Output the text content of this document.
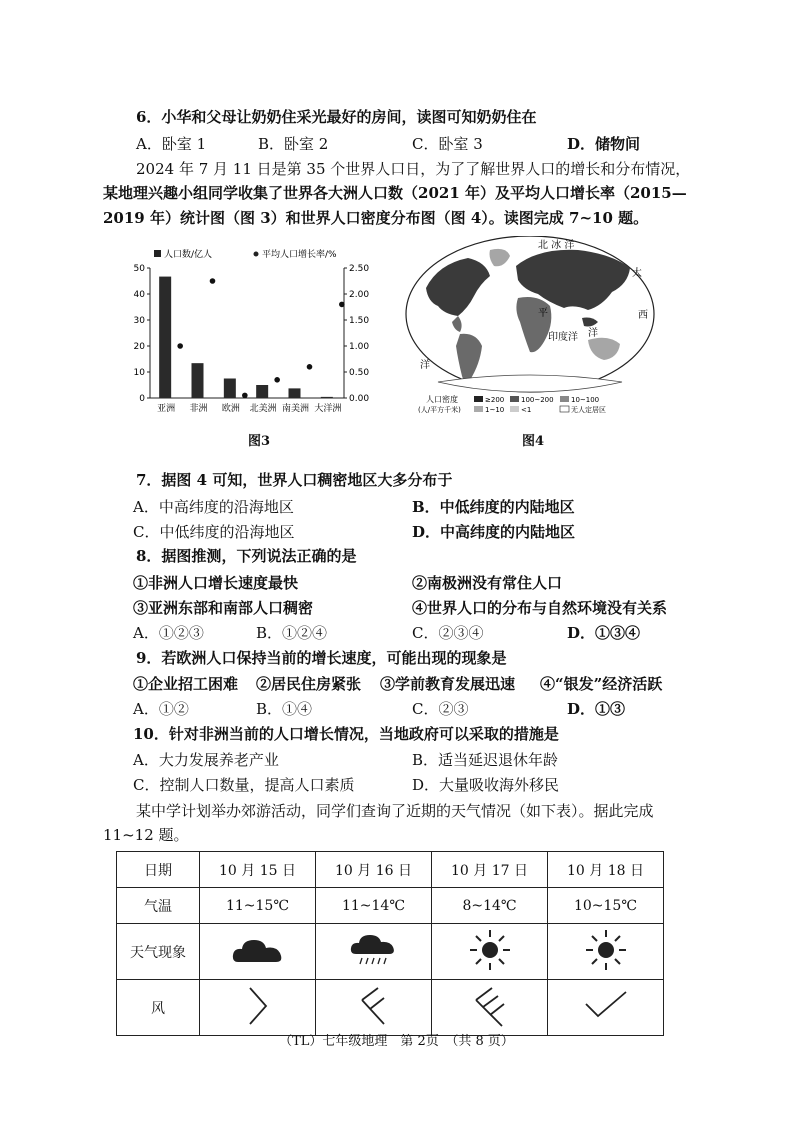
6．小华和父母让奶奶住采光最好的房间，读图可知奶奶住在
A．卧室 1	B．卧室 2	C．卧室 3	D．储物间
2024 年 7 月 11 日是第 35 个世界人口日，为了了解世界人口的增长和分布情况，
某地理兴趣小组同学收集了世界各大洲人口数（2021 年）及平均人口增长率（2015—
2019 年）统计图（图 3）和世界人口密度分布图（图 4）。读图完成 7~10 题。
0
10
20
30
40
50
0.00
0.50
1.00
1.50
2.00
2.50
人口数/亿人	平均人口增长率/%
亚洲 非洲 欧洲 北美洲 南美洲 大洋洲
图3
北 冰 洋
印度洋
太
平
洋
西
洋
人口密度
(人/平方千米)
≥200 100~200 10~100
1~10 <1	无人定居区
图4
7．据图 4 可知，世界人口稠密地区大多分布于
A．中高纬度的沿海地区	B．中低纬度的内陆地区
C．中低纬度的沿海地区	D．中高纬度的内陆地区
8．据图推测，下列说法正确的是
①非洲人口增长速度最快	②南极洲没有常住人口
③亚洲东部和南部人口稠密	④世界人口的分布与自然环境没有关系
A．①②③	B．①②④	C．②③④	D．①③④
9．若欧洲人口保持当前的增长速度，可能出现的现象是
①企业招工困难 ②居民住房紧张 ③学前教育发展迅速 ④“银发”经济活跃
A．①②	B．①④	C．②③	D．①③
10．针对非洲当前的人口增长情况，当地政府可以采取的措施是
A．大力发展养老产业	B．适当延迟退休年龄
C．控制人口数量，提高人口素质	D．大量吸收海外移民
某中学计划举办郊游活动，同学们查询了近期的天气情况（如下表）。据此完成
11~12 题。
日期	10 月 15 日	10 月 16 日	10 月 17 日	10 月 18 日
气温	11~15℃	11~14℃	8~14℃	10~15℃
天气现象				
风				
（TL）七年级地理　第 2页　（共 8 页）
